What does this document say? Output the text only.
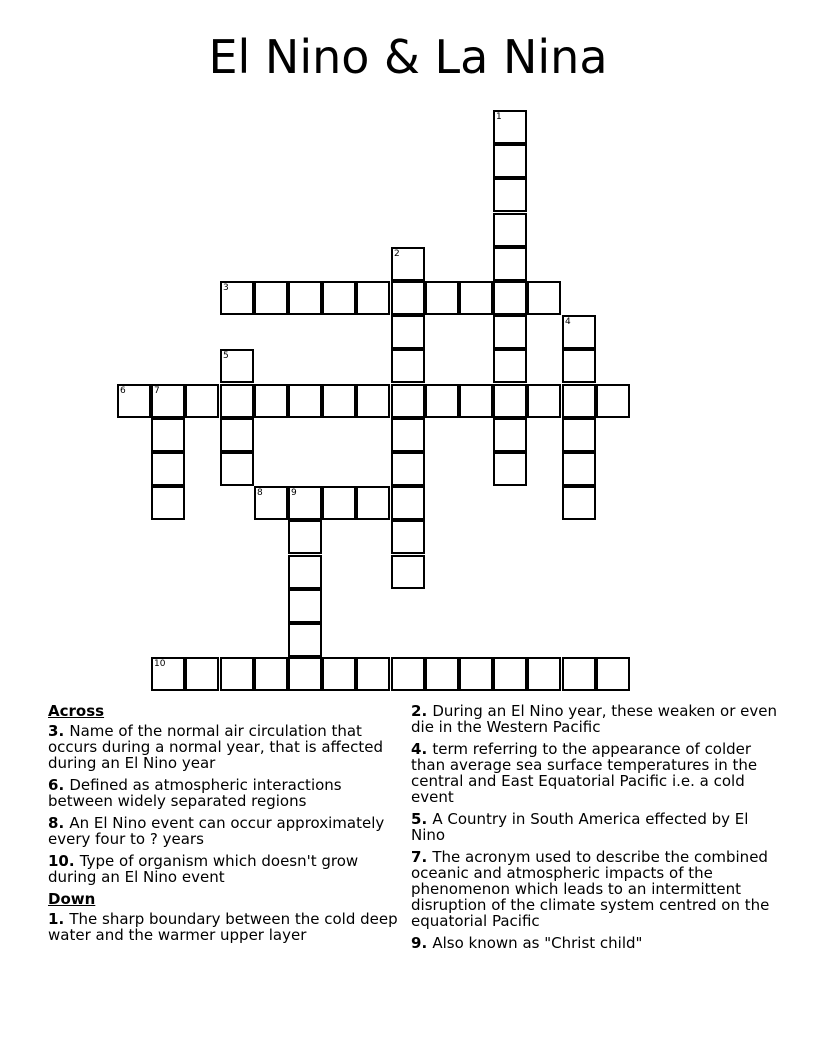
El Nino & La Nina
1
2
3
4
5
6	7
8	9
10
Across
3. Name of the normal air circulation that occurs during a normal year, that is affected during an El Nino year
6. Defined as atmospheric interactions between widely separated regions
8. An El Nino event can occur approximately every four to ? years
10. Type of organism which doesn't grow during an El Nino event
Down
1. The sharp boundary between the cold deep water and the warmer upper layer
2. During an El Nino year, these weaken or even die in the Western Pacific
4. term referring to the appearance of colder than average sea surface temperatures in the central and East Equatorial Pacific i.e. a cold event
5. A Country in South America effected by El Nino
7. The acronym used to describe the combined oceanic and atmospheric impacts of the phenomenon which leads to an intermittent disruption of the climate system centred on the equatorial Pacific
9. Also known as "Christ child"
